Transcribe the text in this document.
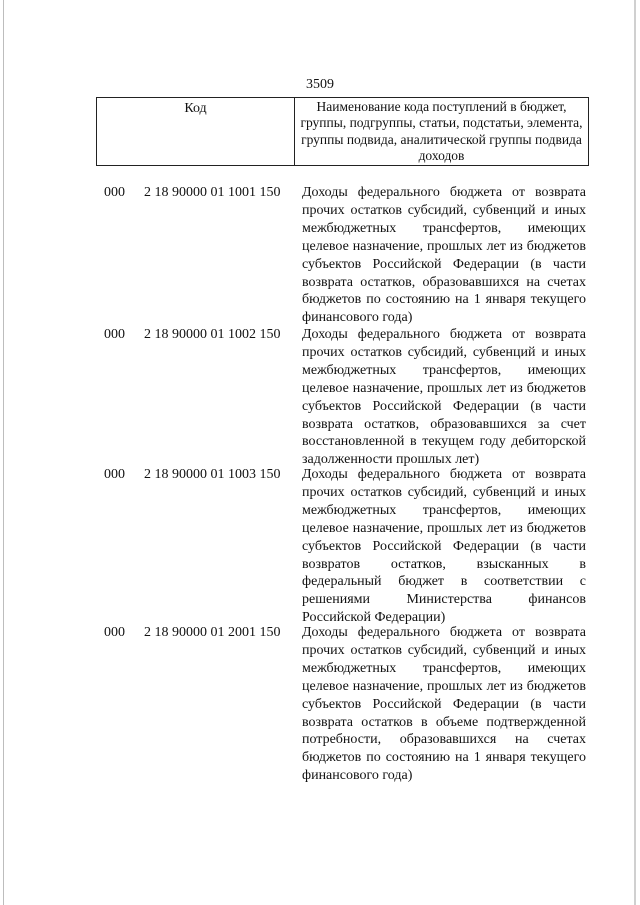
3509
Код	Наименование кода поступлений в бюджет, группы, подгруппы, статьи, подстатьи, элемента, группы подвида, аналитической группы подвида доходов
000 2 18 90000 01 1001 150 Доходы федерального бюджета от возврата прочих остатков субсидий, субвенций и иных межбюджетных трансфертов, имеющих целевое назначение, прошлых лет из бюджетов субъектов Российской Федерации (в части возврата остатков, образовавшихся на счетах бюджетов по состоянию на 1 января текущего финансового года)
000 2 18 90000 01 1002 150 Доходы федерального бюджета от возврата прочих остатков субсидий, субвенций и иных межбюджетных трансфертов, имеющих целевое назначение, прошлых лет из бюджетов субъектов Российской Федерации (в части возврата остатков, образовавшихся за счет восстановленной в текущем году дебиторской задолженности прошлых лет)
000 2 18 90000 01 1003 150 Доходы федерального бюджета от возврата прочих остатков субсидий, субвенций и иных межбюджетных трансфертов, имеющих целевое назначение, прошлых лет из бюджетов субъектов Российской Федерации (в части возвратов остатков, взысканных в федеральный бюджет в соответствии с решениями Министерства финансов Российской Федерации)
000 2 18 90000 01 2001 150 Доходы федерального бюджета от возврата прочих остатков субсидий, субвенций и иных межбюджетных трансфертов, имеющих целевое назначение, прошлых лет из бюджетов субъектов Российской Федерации (в части возврата остатков в объеме подтвержденной потребности, образовавшихся на счетах бюджетов по состоянию на 1 января текущего финансового года)
